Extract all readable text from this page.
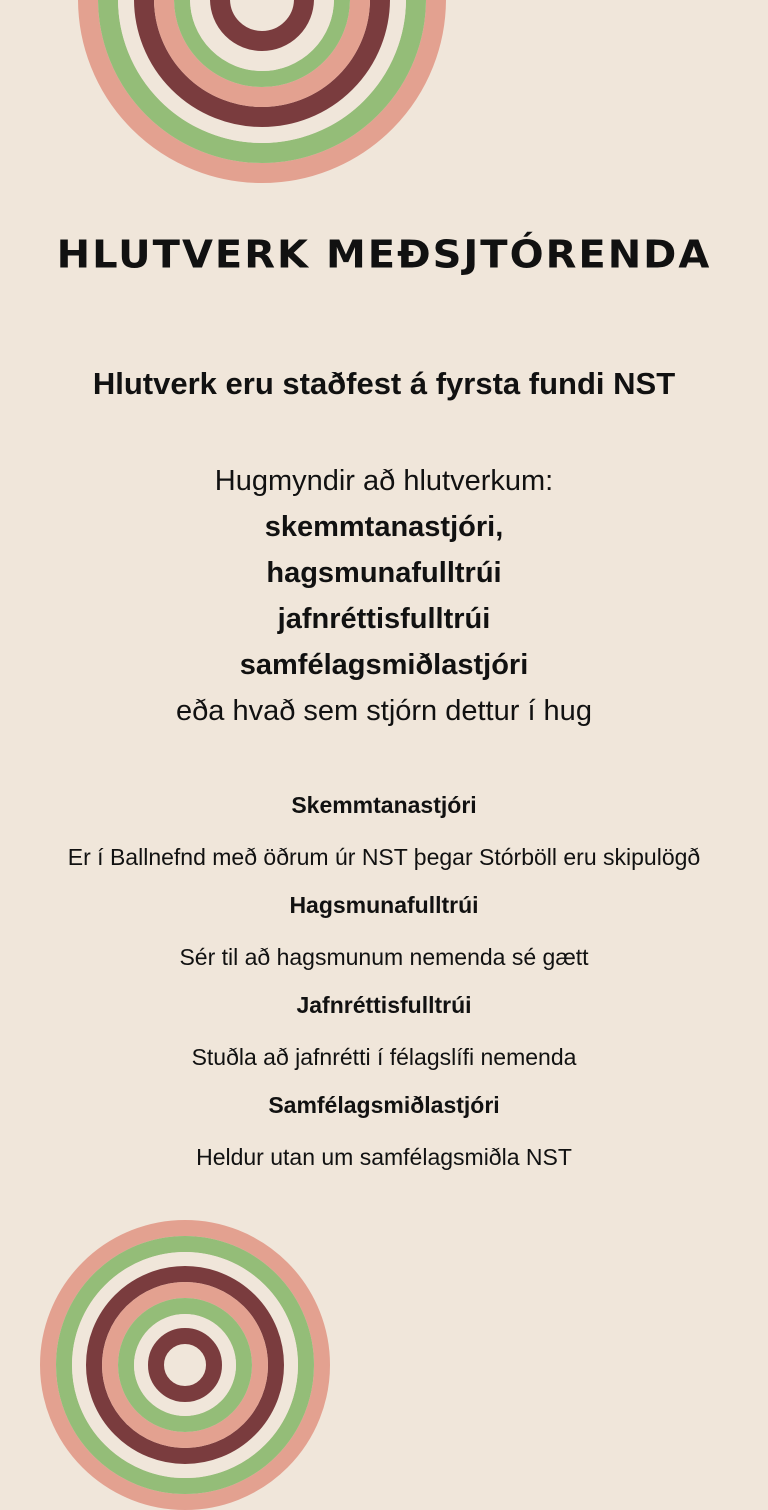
HLUTVERK MEÐSJTÓRENDA
Hlutverk eru staðfest á fyrsta fundi NST
Hugmyndir að hlutverkum:
skemmtanastjóri,
hagsmunafulltrúi
jafnréttisfulltrúi
samfélagsmiðlastjóri
eða hvað sem stjórn dettur í hug
Skemmtanastjóri
Er í Ballnefnd með öðrum úr NST þegar Stórböll eru skipulögð
Hagsmunafulltrúi
Sér til að hagsmunum nemenda sé gætt
Jafnréttisfulltrúi
Stuðla að jafnrétti í félagslífi nemenda
Samfélagsmiðlastjóri
Heldur utan um samfélagsmiðla NST
